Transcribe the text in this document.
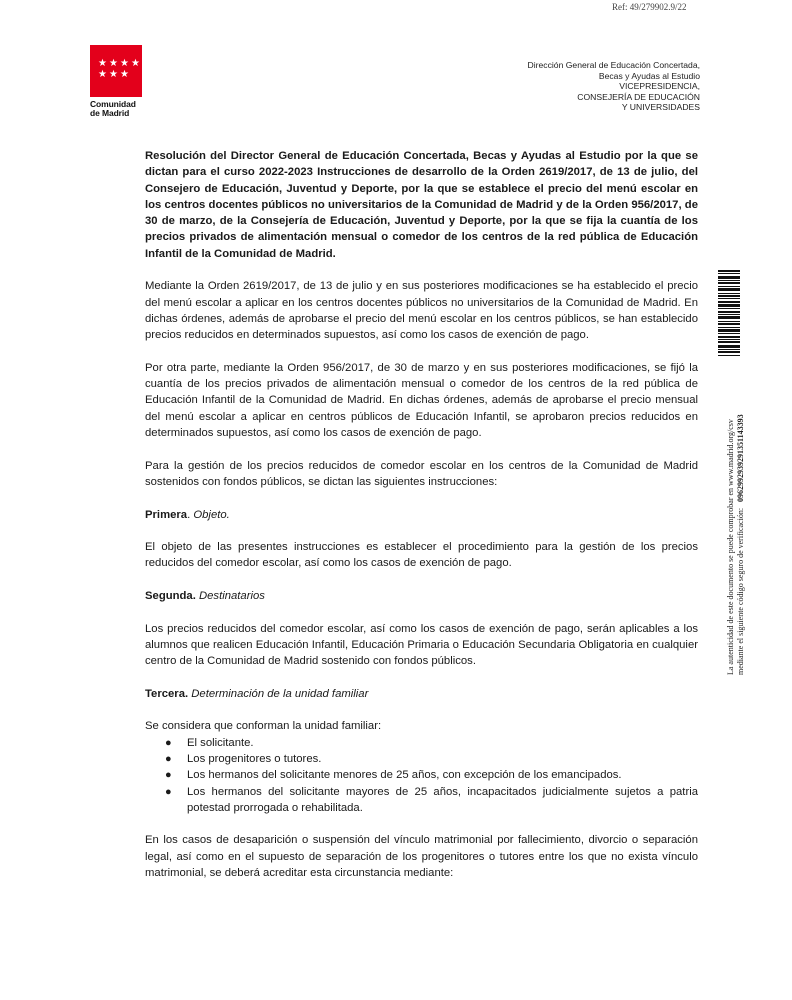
Ref: 49/279902.9/22
★ ★ ★ ★
★ ★ ★
Comunidad
de Madrid
Dirección General de Educación Concertada,
Becas y Ayudas al Estudio
VICEPRESIDENCIA,
CONSEJERÍA DE EDUCACIÓN
Y UNIVERSIDADES

Resolución del Director General de Educación Concertada, Becas y Ayudas al Estudio por la que se dictan para el curso 2022-2023 Instrucciones de desarrollo de la Orden 2619/2017, de 13 de julio, del Consejero de Educación, Juventud y Deporte, por la que se establece el precio del menú escolar en los centros docentes públicos no universitarios de la Comunidad de Madrid y de la Orden 956/2017, de 30 de marzo, de la Consejería de Educación, Juventud y Deporte, por la que se fija la cuantía de los precios privados de alimentación mensual o comedor de los centros de la red pública de Educación Infantil de la Comunidad de Madrid.

Mediante la Orden 2619/2017, de 13 de julio y en sus posteriores modificaciones se ha establecido el precio del menú escolar a aplicar en los centros docentes públicos no universitarios de la Comunidad de Madrid. En dichas órdenes, además de aprobarse el precio del menú escolar en los centros públicos, se han establecido precios reducidos en determinados supuestos, así como los casos de exención de pago.

Por otra parte, mediante la Orden 956/2017, de 30 de marzo y en sus posteriores modificaciones, se fijó la cuantía de los precios privados de alimentación mensual o comedor de los centros de la red pública de Educación Infantil de la Comunidad de Madrid. En dichas órdenes, además de aprobarse el precio mensual del menú escolar a aplicar en centros públicos de Educación Infantil, se aprobaron precios reducidos en determinados supuestos, así como los casos de exención de pago.

Para la gestión de los precios reducidos de comedor escolar en los centros de la Comunidad de Madrid sostenidos con fondos públicos, se dictan las siguientes instrucciones:

Primera. Objeto.

El objeto de las presentes instrucciones es establecer el procedimiento para la gestión de los precios reducidos del comedor escolar, así como los casos de exención de pago.

Segunda. Destinatarios

Los precios reducidos del comedor escolar, así como los casos de exención de pago, serán aplicables a los alumnos que realicen Educación Infantil, Educación Primaria o Educación Secundaria Obligatoria en cualquier centro de la Comunidad de Madrid sostenido con fondos públicos.

Tercera. Determinación de la unidad familiar

Se considera que conforman la unidad familiar:

● El solicitante.
● Los progenitores o tutores.
● Los hermanos del solicitante menores de 25 años, con excepción de los emancipados.
● Los hermanos del solicitante mayores de 25 años, incapacitados judicialmente sujetos a patria potestad prorrogada o rehabilitada.

En los casos de desaparición o suspensión del vínculo matrimonial por fallecimiento, divorcio o separación legal, así como en el supuesto de separación de los progenitores o tutores entre los que no exista vínculo matrimonial, se deberá acreditar esta circunstancia mediante:

La autenticidad de este documento se puede comprobar en www.madrid.org/csv mediante el siguiente código seguro de verificación:   0962992939291351143393
